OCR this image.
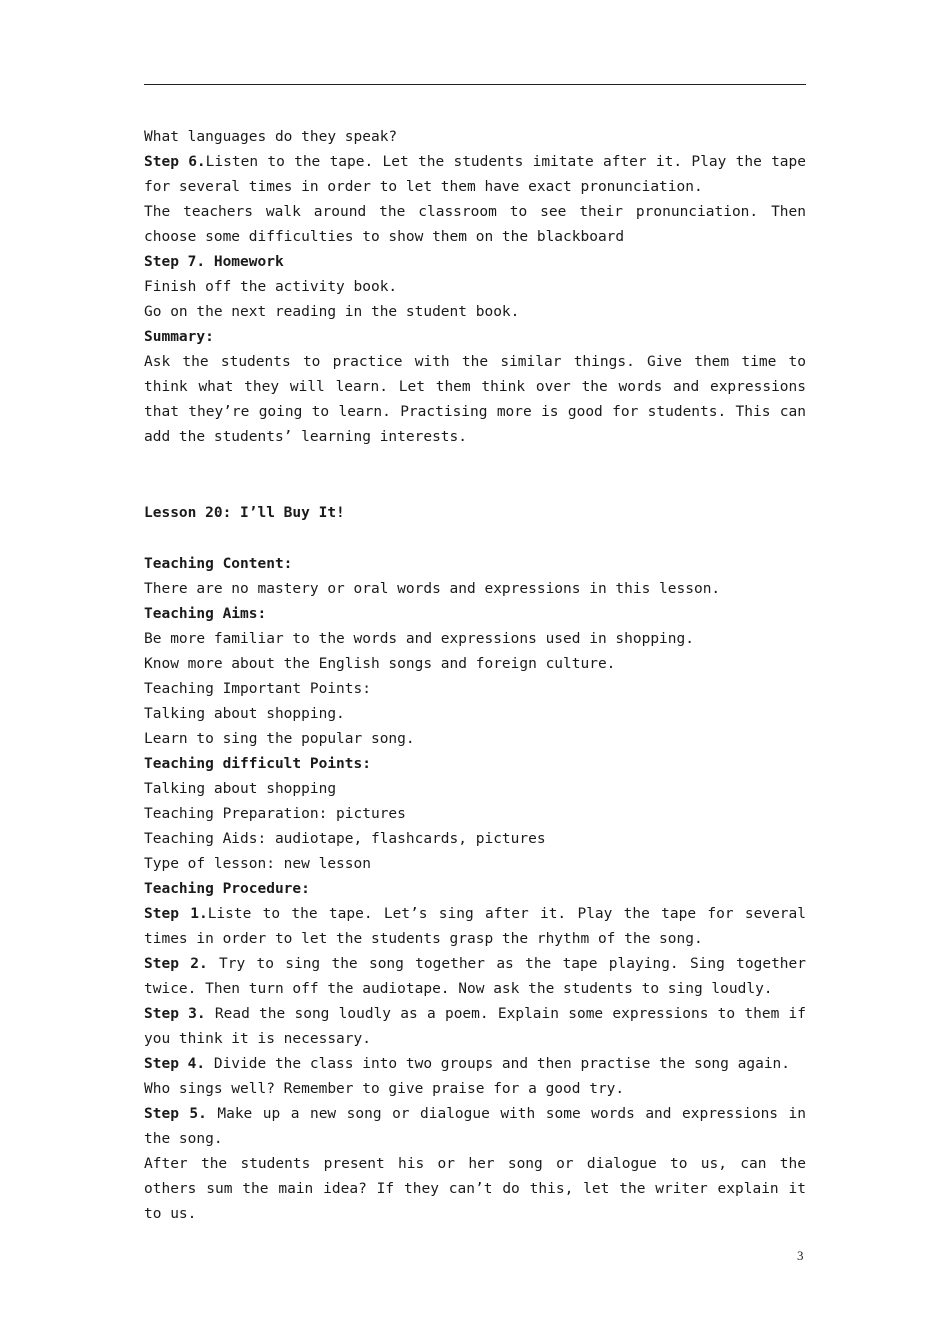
What languages do they speak?
Step 6.Listen to the tape. Let the students imitate after it. Play the tape for several times in order to let them have exact pronunciation.
The teachers walk around the classroom to see their pronunciation. Then choose some difficulties to show them on the blackboard
Step 7. Homework
Finish off the activity book.
Go on the next reading in the student book.
Summary:
Ask the students to practice with the similar things. Give them time to think what they will learn. Let them think over the words and expressions that they’re going to learn. Practising more is good for students. This can add the students’ learning interests.
Lesson 20: I’ll Buy It!
Teaching Content:
There are no mastery or oral words and expressions in this lesson.
Teaching Aims:
Be more familiar to the words and expressions used in shopping.
Know more about the English songs and foreign culture.
Teaching Important Points:
Talking about shopping.
Learn to sing the popular song.
Teaching difficult Points:
Talking about shopping
Teaching Preparation: pictures
Teaching Aids: audiotape, flashcards, pictures
Type of lesson: new lesson
Teaching Procedure:
Step 1.Liste to the tape. Let’s sing after it. Play the tape for several times in order to let the students grasp the rhythm of the song.
Step 2. Try to sing the song together as the tape playing. Sing together twice. Then turn off the audiotape. Now ask the students to sing loudly.
Step 3. Read the song loudly as a poem. Explain some expressions to them if you think it is necessary.
Step 4. Divide the class into two groups and then practise the song again.
Who sings well? Remember to give praise for a good try.
Step 5. Make up a new song or dialogue with some words and expressions in the song.
After the students present his or her song or dialogue to us, can the others sum the main idea? If they can’t do this, let the writer explain it to us.
3
